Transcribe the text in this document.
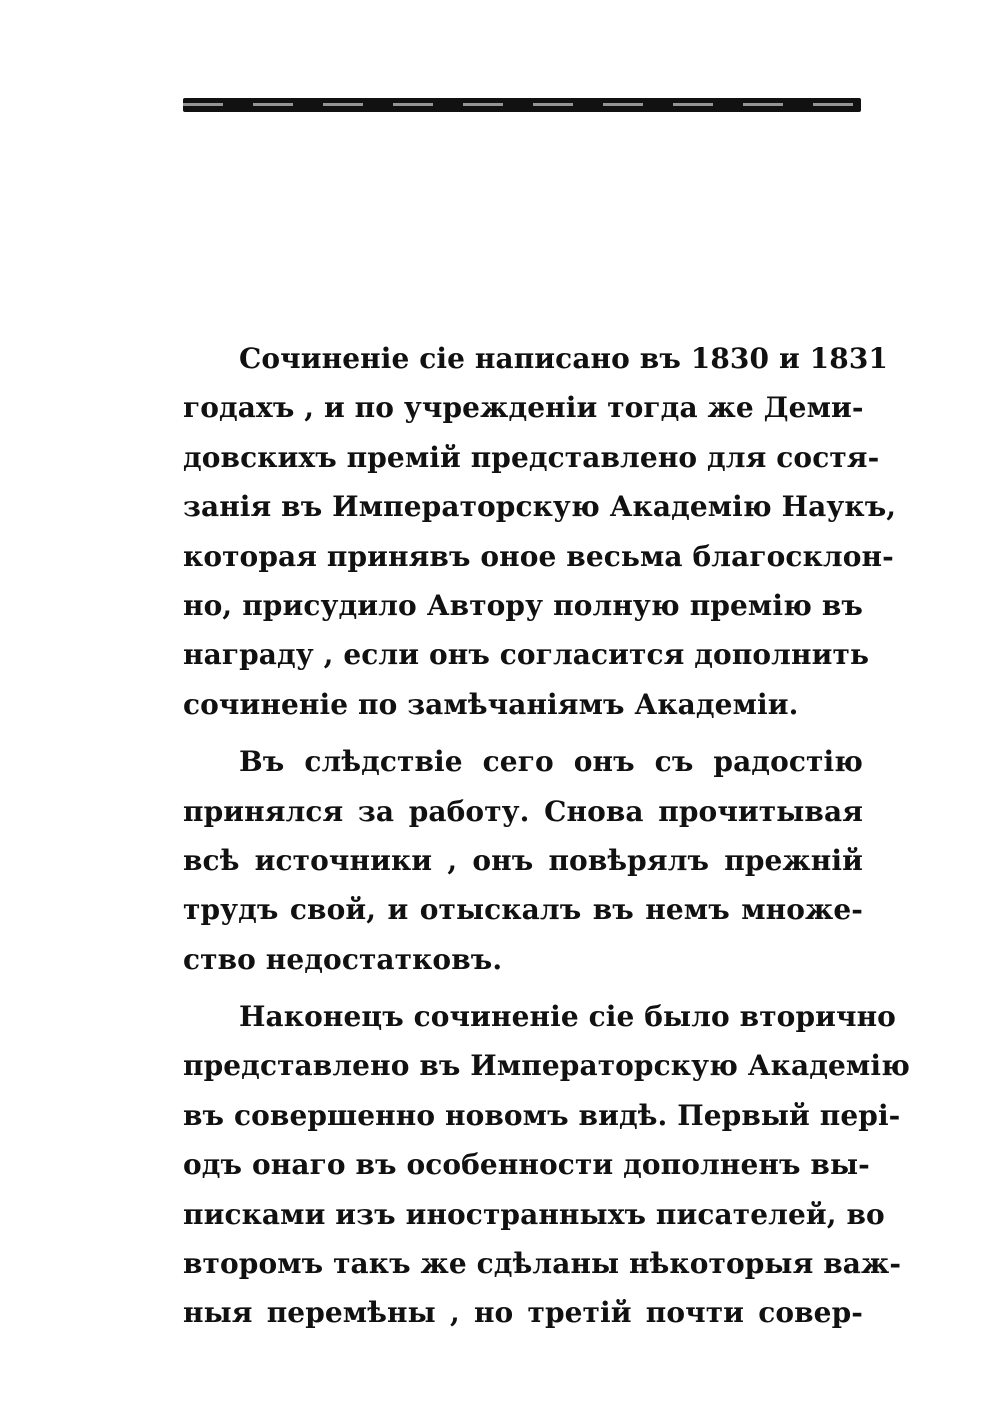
Сочиненіе сіе написано въ 1830 и 1831
годахъ , и по учрежденіи тогда же Деми-
довскихъ премій представлено для состя-
занія въ Императорскую Академію Наукъ,
которая принявъ оное весьма благосклон-
но, присудило Автору полную премію въ
награду , если онъ согласится дополнить
сочиненіе по замѣчаніямъ Академіи.

Въ слѣдствіе сего онъ съ радостію
принялся за работу. Снова прочитывая
всѣ источники , онъ повѣрялъ прежній
трудъ свой, и отыскалъ въ немъ множе-
ство недостатковъ.

Наконецъ сочиненіе сіе было вторично
представлено въ Императорскую Академію
въ совершенно новомъ видѣ. Первый пері-
одъ онаго въ особенности дополненъ вы-
писками изъ иностранныхъ писателей, во
второмъ такъ же сдѣланы нѣкоторыя важ-
ныя перемѣны , но третій почти совер-
